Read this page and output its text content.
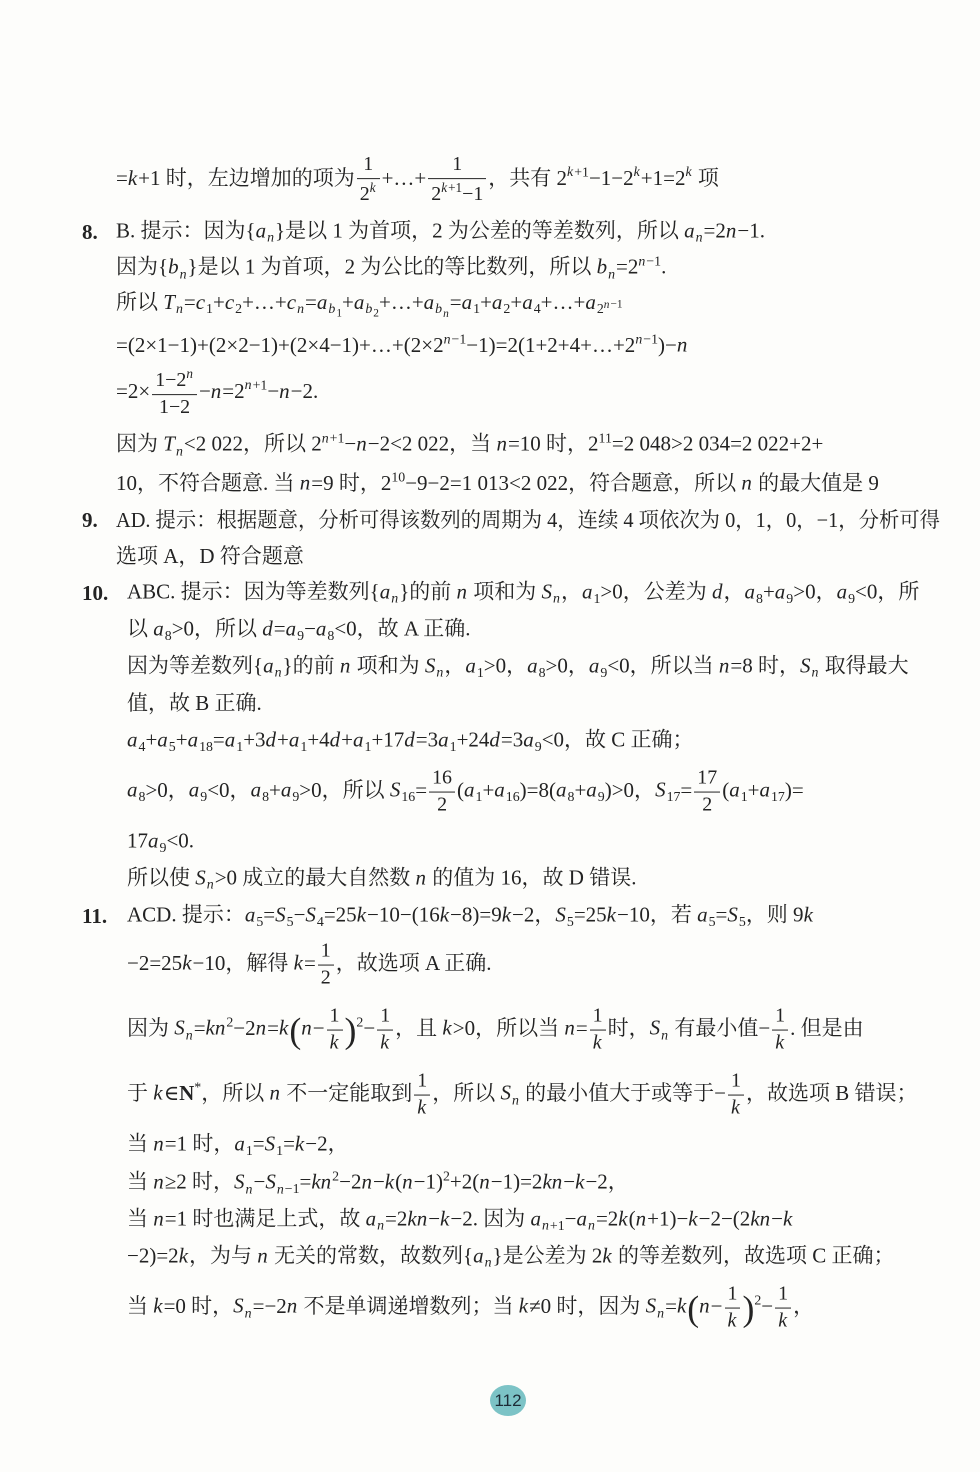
=k+1 时，左边增加的项为 $\frac{1}{2^k}$ +…+ $\frac{1}{2^{k+1}-1}$ ，共有 $2^{k+1}-1-2^k+1=2^k$ 项
8. B. 提示：因为$\{a_n\}$是以 1 为首项，2 为公差的等差数列，所以 $a_n=2n-1$.
因为$\{b_n\}$是以 1 为首项，2 为公比的等比数列，所以 $b_n=2^{n-1}$.
所以 $T_n=c_1+c_2+\dots+c_n=a_{b_1}+a_{b_2}+\dots+a_{b_n}=a_1+a_2+a_4+\dots+a_{2^{n-1}}$
$=(2\times 1-1)+(2\times 2-1)+(2\times 4-1)+\dots+(2\times 2^{n-1}-1)=2(1+2+4+\dots+2^{n-1})-n$
$=2\times \frac{1-2^n}{1-2} -n=2^{n+1}-n-2$.
因为 $T_n<2$ 022，所以 $2^{n+1}-n-2<2$ 022，当 n=10 时，$2^{11}=2$ 048>2 034=2 022+2+
10，不符合题意. 当 n=9 时，$2^{10}-9-2=1$ 013<2 022，符合题意，所以 n 的最大值是 9
9. AD. 提示：根据题意，分析可得该数列的周期为 4，连续 4 项依次为 0，1，0，−1，分析可得
选项 A，D 符合题意
10. ABC. 提示：因为等差数列$\{a_n\}$的前 n 项和为 $S_n$，$a_1>0$，公差为 d，$a_8+a_9>0$，$a_9<0$，所
以 $a_8>0$，所以 $d=a_9-a_8<0$，故 A 正确.
因为等差数列$\{a_n\}$的前 n 项和为 $S_n$，$a_1>0$，$a_8>0$，$a_9<0$，所以当 n=8 时，$S_n$ 取得最大
值，故 B 正确.
$a_4+a_5+a_{18}=a_1+3d+a_1+4d+a_1+17d=3a_1+24d=3a_9<0$，故 C 正确；
$a_8>0$，$a_9<0$，$a_8+a_9>0$，所以 $S_{16}= \frac{16}{2} (a_1+a_{16})=8(a_8+a_9)>0$，$S_{17}= \frac{17}{2} (a_1+a_{17})=$
$17a_9<0$.
所以使 $S_n>0$ 成立的最大自然数 n 的值为 16，故 D 错误.
11. ACD. 提示：$a_5=S_5-S_4=25k-10-(16k-8)=9k-2$，$S_5=25k-10$，若 $a_5=S_5$，则 9k
−2=25k−10，解得 $k= \frac{1}{2}$ ，故选项 A 正确.
因为 $S_n=kn^2-2n=k(n- \frac{1}{k} )^2- \frac{1}{k}$ ，且 k>0，所以当 $n= \frac{1}{k}$ 时，$S_n$ 有最小值− $\frac{1}{k}$ . 但是由
于 k∈N*，所以 n 不一定能取到 $\frac{1}{k}$ ，所以 $S_n$ 的最小值大于或等于− $\frac{1}{k}$ ，故选项 B 错误；
当 n=1 时，$a_1=S_1=k-2$，
当 n≥2 时，$S_n-S_{n-1}=kn^2-2n-k(n-1)^2+2(n-1)=2kn-k-2$，
当 n=1 时也满足上式，故 $a_n=2kn-k-2$. 因为 $a_{n+1}-a_n=2k(n+1)-k-2-(2kn-k$
−2)=2k，为与 n 无关的常数，故数列$\{a_n\}$是公差为 2k 的等差数列，故选项 C 正确；
当 k=0 时，$S_n=-2n$ 不是单调递增数列；当 k≠0 时，因为 $S_n=k(n- \frac{1}{k} )^2- \frac{1}{k}$ ，
112
